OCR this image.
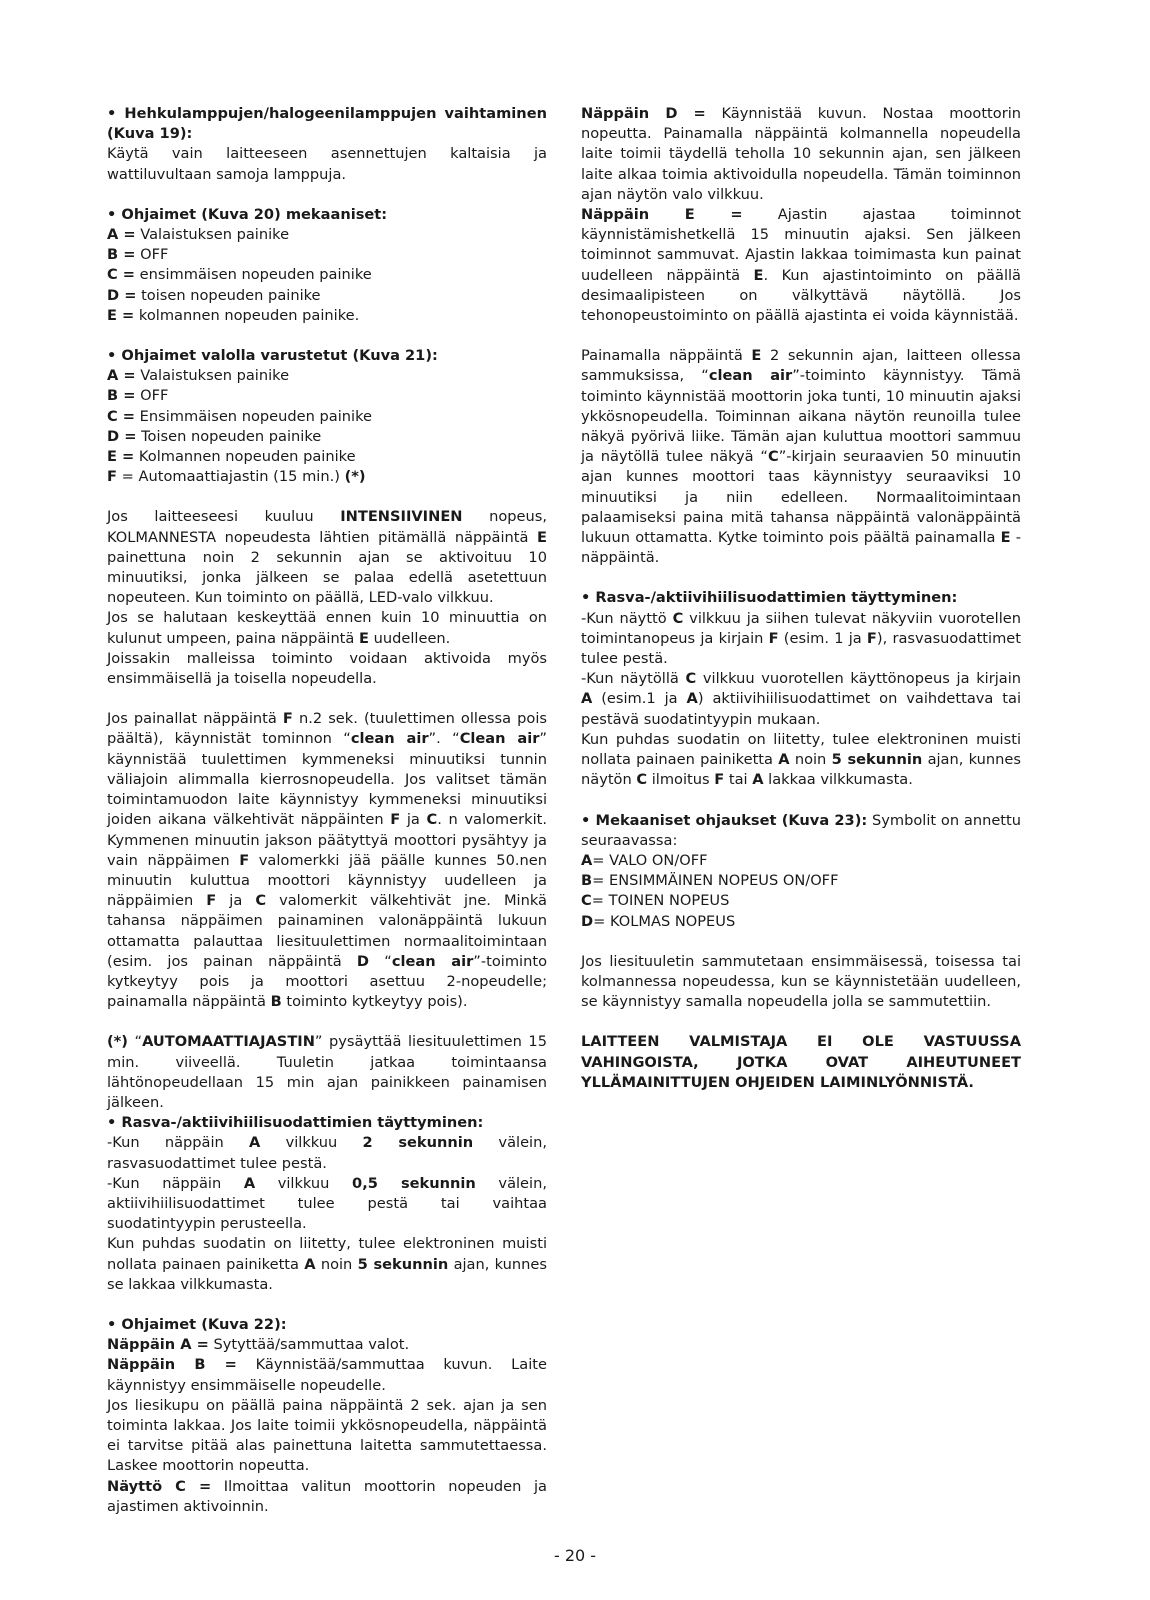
• Hehkulamppujen/halogeenilamppujen vaihtaminen (Kuva 19):

Käytä vain laitteeseen asennettujen kaltaisia ja wattiluvultaan samoja lamppuja.

• Ohjaimet (Kuva 20) mekaaniset:

A = Valaistuksen painike

B = OFF

C = ensimmäisen nopeuden painike

D = toisen nopeuden painike

E = kolmannen nopeuden painike.

• Ohjaimet valolla varustetut (Kuva 21):

A = Valaistuksen painike

B = OFF

C = Ensimmäisen nopeuden painike

D = Toisen nopeuden painike

E = Kolmannen nopeuden painike

F = Automaattiajastin (15 min.) (*)

Jos laitteeseesi kuuluu INTENSIIVINEN nopeus, KOLMANNESTA nopeudesta lähtien pitämällä näppäintä E painettuna noin 2 sekunnin ajan se aktivoituu 10 minuutiksi, jonka jälkeen se palaa edellä asetettuun nopeuteen. Kun toiminto on päällä, LED-valo vilkkuu.

Jos se halutaan keskeyttää ennen kuin 10 minuuttia on kulunut umpeen, paina näppäintä E uudelleen.

Joissakin malleissa toiminto voidaan aktivoida myös ensimmäisellä ja toisella nopeudella.

Jos painallat näppäintä F n.2 sek. (tuulettimen ollessa pois päältä), käynnistät tominnon “clean air”. “Clean air” käynnistää tuulettimen kymmeneksi minuutiksi tunnin väliajoin alimmalla kierrosnopeudella. Jos valitset tämän toimintamuodon laite käynnistyy kymmeneksi minuutiksi joiden aikana välkehtivät näppäinten F ja C. n valomerkit. Kymmenen minuutin jakson päätyttyä moottori pysähtyy ja vain näppäimen F valomerkki jää päälle kunnes 50.nen minuutin kuluttua moottori käynnistyy uudelleen ja näppäimien F ja C valomerkit välkehtivät jne. Minkä tahansa näppäimen painaminen valonäppäintä lukuun ottamatta palauttaa liesituulettimen normaalitoimintaan (esim. jos painan näppäintä D “clean air”-toiminto kytkeytyy pois ja moottori asettuu 2-nopeudelle; painamalla näppäintä B toiminto kytkeytyy pois).

(*) “AUTOMAATTIAJASTIN” pysäyttää liesituulettimen 15 min. viiveellä. Tuuletin jatkaa toimintaansa lähtönopeudellaan 15 min ajan painikkeen painamisen jälkeen.

• Rasva-/aktiivihiilisuodattimien täyttyminen:

-Kun näppäin A vilkkuu 2 sekunnin välein, rasvasuodattimet tulee pestä.

-Kun näppäin A vilkkuu 0,5 sekunnin välein, aktiivihiilisuodattimet tulee pestä tai vaihtaa suodatintyypin perusteella.

Kun puhdas suodatin on liitetty, tulee elektroninen muisti nollata painaen painiketta A noin 5 sekunnin ajan, kunnes se lakkaa vilkkumasta.

• Ohjaimet (Kuva 22):

Näppäin A = Sytyttää/sammuttaa valot.

Näppäin B = Käynnistää/sammuttaa kuvun. Laite käynnistyy ensimmäiselle nopeudelle.

Jos liesikupu on päällä paina näppäintä 2 sek. ajan ja sen toiminta lakkaa. Jos laite toimii ykkösnopeudella, näppäintä ei tarvitse pitää alas painettuna laitetta sammutettaessa. Laskee moottorin nopeutta.

Näyttö C = Ilmoittaa valitun moottorin nopeuden ja ajastimen aktivoinnin.

Näppäin D = Käynnistää kuvun. Nostaa moottorin nopeutta. Painamalla näppäintä kolmannella nopeudella laite toimii täydellä teholla 10 sekunnin ajan, sen jälkeen laite alkaa toimia aktivoidulla nopeudella. Tämän toiminnon ajan näytön valo vilkkuu.

Näppäin E = Ajastin ajastaa toiminnot käynnistämishetkellä 15 minuutin ajaksi. Sen jälkeen toiminnot sammuvat. Ajastin lakkaa toimimasta kun painat uudelleen näppäintä E. Kun ajastintoiminto on päällä desimaalipisteen on välkyttävä näytöllä. Jos tehonopeustoiminto on päällä ajastinta ei voida käynnistää.

Painamalla näppäintä E 2 sekunnin ajan, laitteen ollessa sammuksissa, “clean air”-toiminto käynnistyy. Tämä toiminto käynnistää moottorin joka tunti, 10 minuutin ajaksi ykkösnopeudella. Toiminnan aikana näytön reunoilla tulee näkyä pyörivä liike. Tämän ajan kuluttua moottori sammuu ja näytöllä tulee näkyä “C”-kirjain seuraavien 50 minuutin ajan kunnes moottori taas käynnistyy seuraaviksi 10 minuutiksi ja niin edelleen. Normaalitoimintaan palaamiseksi paina mitä tahansa näppäintä valonäppäintä lukuun ottamatta. Kytke toiminto pois päältä painamalla E -näppäintä.

• Rasva-/aktiivihiilisuodattimien täyttyminen:

-Kun näyttö C vilkkuu ja siihen tulevat näkyviin vuorotellen toimintanopeus ja kirjain F (esim. 1 ja F), rasvasuodattimet tulee pestä.

-Kun näytöllä C vilkkuu vuorotellen käyttönopeus ja kirjain A (esim.1 ja A) aktiivihiilisuodattimet on vaihdettava tai pestävä suodatintyypin mukaan.

Kun puhdas suodatin on liitetty, tulee elektroninen muisti nollata painaen painiketta A noin 5 sekunnin ajan, kunnes näytön C ilmoitus F tai A lakkaa vilkkumasta.

• Mekaaniset ohjaukset (Kuva 23): Symbolit on annettu seuraavassa:

A= VALO ON/OFF

B= ENSIMMÄINEN NOPEUS ON/OFF

C= TOINEN NOPEUS

D= KOLMAS NOPEUS

Jos liesituuletin sammutetaan ensimmäisessä, toisessa tai kolmannessa nopeudessa, kun se käynnistetään uudelleen, se käynnistyy samalla nopeudella jolla se sammutettiin.

LAITTEEN VALMISTAJA EI OLE VASTUUSSA VAHINGOISTA, JOTKA OVAT AIHEUTUNEET YLLÄMAINITTUJEN OHJEIDEN LAIMINLYÖNNISTÄ.

- 20 -
